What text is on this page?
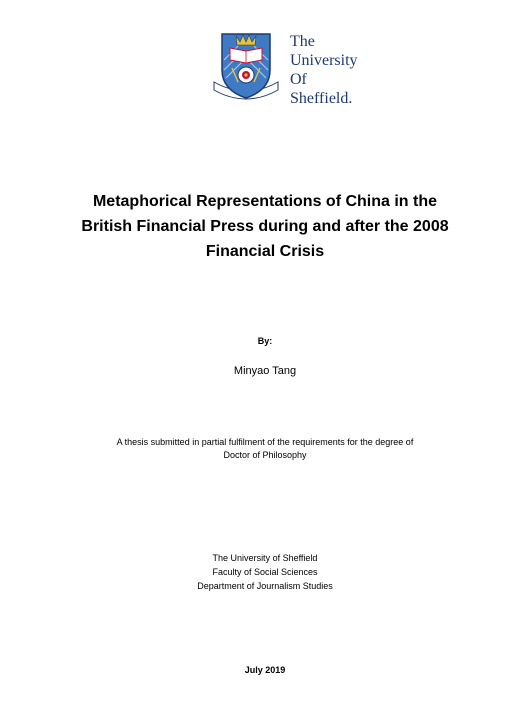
The
University
Of
Sheffield.
Metaphorical Representations of China in the
British Financial Press during and after the 2008
Financial Crisis
By:
Minyao Tang
A thesis submitted in partial fulfilment of the requirements for the degree of
Doctor of Philosophy
The University of Sheffield
Faculty of Social Sciences
Department of Journalism Studies
July 2019
